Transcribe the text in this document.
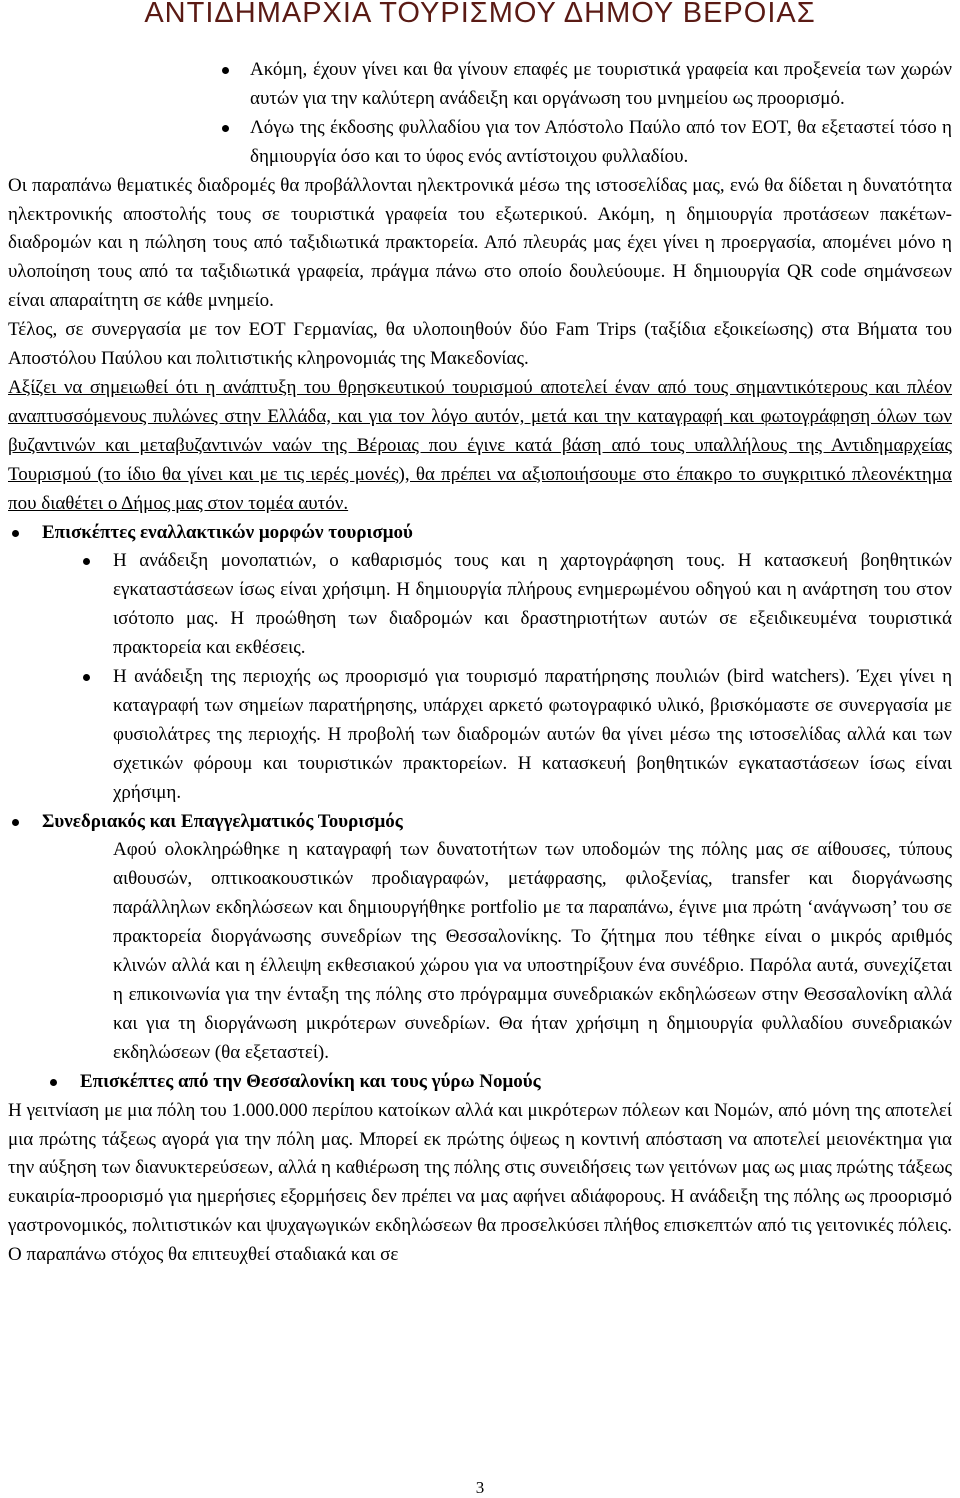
ΑΝΤΙΔΗΜΑΡΧΙΑ ΤΟΥΡΙΣΜΟΥ ΔΗΜΟΥ ΒΕΡΟΙΑΣ
Ακόμη, έχουν γίνει και θα γίνουν επαφές με τουριστικά γραφεία και προξενεία των χωρών αυτών για την καλύτερη ανάδειξη και οργάνωση του μνημείου ως προορισμό.
Λόγω της έκδοσης φυλλαδίου για τον Απόστολο Παύλο από τον ΕΟΤ, θα εξεταστεί τόσο η δημιουργία όσο και το ύφος ενός αντίστοιχου φυλλαδίου.

Οι παραπάνω θεματικές διαδρομές θα προβάλλονται ηλεκτρονικά μέσω της ιστοσελίδας μας, ενώ θα δίδεται η δυνατότητα ηλεκτρονικής αποστολής τους σε τουριστικά γραφεία του εξωτερικού. Ακόμη, η δημιουργία προτάσεων πακέτων-διαδρομών και η πώληση τους από ταξιδιωτικά πρακτορεία. Από πλευράς μας έχει γίνει η προεργασία, απομένει μόνο η υλοποίηση τους από τα ταξιδιωτικά γραφεία, πράγμα πάνω στο οποίο δουλεύουμε. Η δημιουργία QR code σημάνσεων είναι απαραίτητη σε κάθε μνημείο.

Τέλος, σε συνεργασία με τον ΕΟΤ Γερμανίας, θα υλοποιηθούν δύο Fam Trips (ταξίδια εξοικείωσης) στα Βήματα του Αποστόλου Παύλου και πολιτιστικής κληρονομιάς της Μακεδονίας.

Αξίζει να σημειωθεί ότι η ανάπτυξη του θρησκευτικού τουρισμού αποτελεί έναν από τους σημαντικότερους και πλέον αναπτυσσόμενους πυλώνες στην Ελλάδα, και για τον λόγο αυτόν, μετά και την καταγραφή και φωτογράφηση όλων των βυζαντινών και μεταβυζαντινών ναών της Βέροιας που έγινε κατά βάση από τους υπαλλήλους της Αντιδημαρχείας Τουρισμού (το ίδιο θα γίνει και με τις ιερές μονές), θα πρέπει να αξιοποιήσουμε στο έπακρο το συγκριτικό πλεονέκτημα που διαθέτει ο Δήμος μας στον τομέα αυτόν.

Επισκέπτες εναλλακτικών μορφών τουρισμού
Η ανάδειξη μονοπατιών, ο καθαρισμός τους και η χαρτογράφηση τους. Η κατασκευή βοηθητικών εγκαταστάσεων ίσως είναι χρήσιμη. Η δημιουργία πλήρους ενημερωμένου οδηγού και η ανάρτηση του στον ισότοπο μας. Η προώθηση των διαδρομών και δραστηριοτήτων αυτών σε εξειδικευμένα τουριστικά πρακτορεία και εκθέσεις.
Η ανάδειξη της περιοχής ως προορισμό για τουρισμό παρατήρησης πουλιών (bird watchers). Έχει γίνει η καταγραφή των σημείων παρατήρησης, υπάρχει αρκετό φωτογραφικό υλικό, βρισκόμαστε σε συνεργασία με φυσιολάτρες της περιοχής. Η προβολή των διαδρομών αυτών θα γίνει μέσω της ιστοσελίδας αλλά και των σχετικών φόρουμ και τουριστικών πρακτορείων. Η κατασκευή βοηθητικών εγκαταστάσεων ίσως είναι χρήσιμη.
Συνεδριακός και Επαγγελματικός Τουρισμός

Αφού ολοκληρώθηκε η καταγραφή των δυνατοτήτων των υποδομών της πόλης μας σε αίθουσες, τύπους αιθουσών, οπτικοακουστικών προδιαγραφών, μετάφρασης, φιλοξενίας, transfer και διοργάνωσης παράλληλων εκδηλώσεων και δημιουργήθηκε portfolio με τα παραπάνω, έγινε μια πρώτη ‘ανάγνωση’ του σε πρακτορεία διοργάνωσης συνεδρίων της Θεσσαλονίκης. Το ζήτημα που τέθηκε είναι ο μικρός αριθμός κλινών αλλά και η έλλειψη εκθεσιακού χώρου για να υποστηρίξουν ένα συνέδριο. Παρόλα αυτά, συνεχίζεται η επικοινωνία για την ένταξη της πόλης στο πρόγραμμα συνεδριακών εκδηλώσεων στην Θεσσαλονίκη αλλά και για τη διοργάνωση μικρότερων συνεδρίων. Θα ήταν χρήσιμη η δημιουργία φυλλαδίου συνεδριακών εκδηλώσεων (θα εξεταστεί).

Επισκέπτες από την Θεσσαλονίκη και τους γύρω Νομούς

Η γειτνίαση με μια πόλη του 1.000.000 περίπου κατοίκων αλλά και μικρότερων πόλεων και Νομών, από μόνη της αποτελεί μια πρώτης τάξεως αγορά για την πόλη μας. Μπορεί εκ πρώτης όψεως η κοντινή απόσταση να αποτελεί μειονέκτημα για την αύξηση των διανυκτερεύσεων, αλλά η καθιέρωση της πόλης στις συνειδήσεις των γειτόνων μας ως μιας πρώτης τάξεως ευκαιρία-προορισμό για ημερήσιες εξορμήσεις δεν πρέπει να μας αφήνει αδιάφορους. Η ανάδειξη της πόλης ως προορισμό γαστρονομικός, πολιτιστικών και ψυχαγωγικών εκδηλώσεων θα προσελκύσει πλήθος επισκεπτών από τις γειτονικές πόλεις. Ο παραπάνω στόχος θα επιτευχθεί σταδιακά και σε

3
